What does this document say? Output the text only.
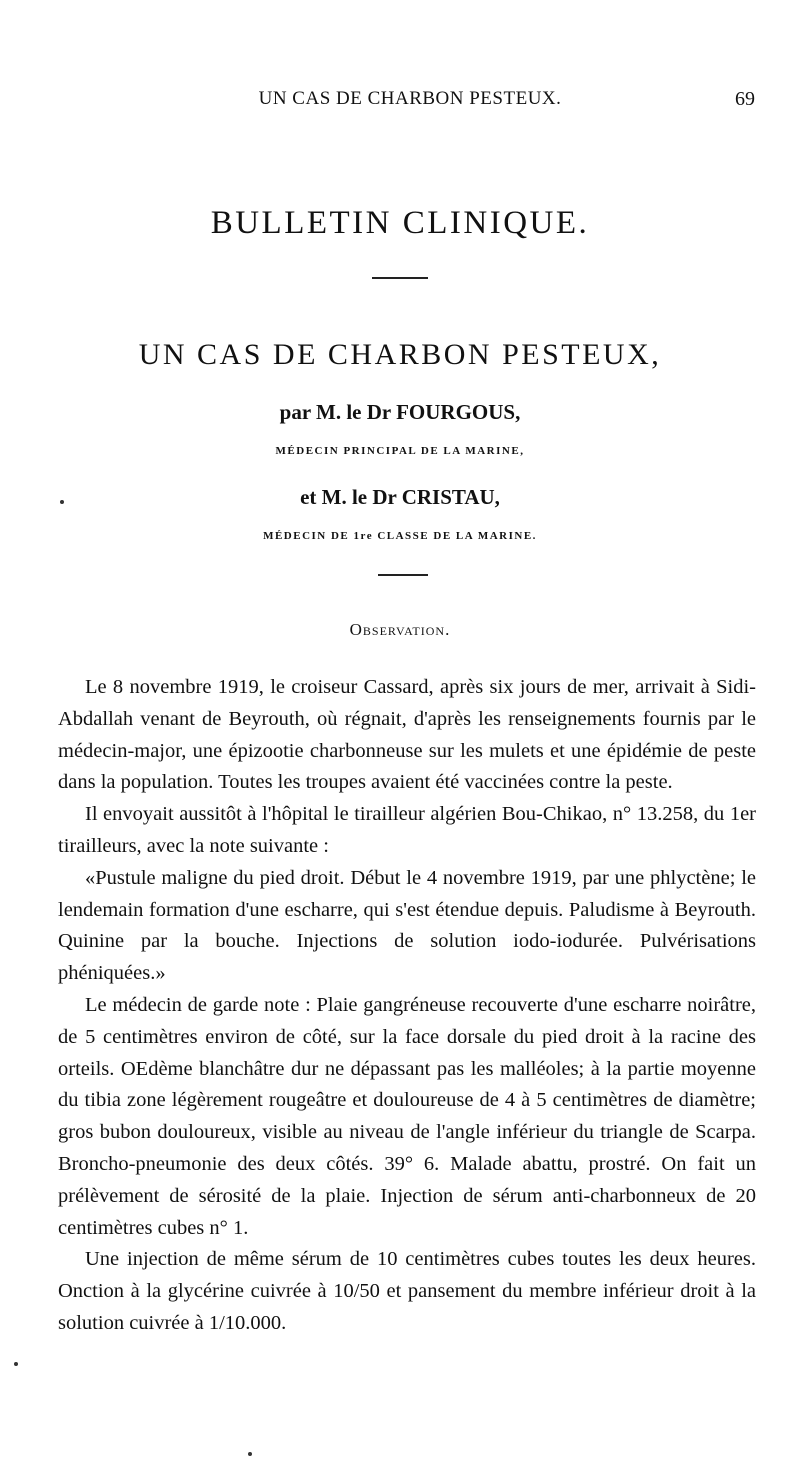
UN CAS DE CHARBON PESTEUX.	69
BULLETIN CLINIQUE.
UN CAS DE CHARBON PESTEUX,
par M. le Dr FOURGOUS,
MÉDECIN PRINCIPAL DE LA MARINE,
et M. le Dr CRISTAU,
MÉDECIN DE 1re CLASSE DE LA MARINE.
Observation.

Le 8 novembre 1919, le croiseur Cassard, après six jours de mer, arrivait à Sidi-Abdallah venant de Beyrouth, où régnait, d'après les renseignements fournis par le médecin-major, une épizootie charbonneuse sur les mulets et une épidémie de peste dans la population. Toutes les troupes avaient été vaccinées contre la peste.

Il envoyait aussitôt à l'hôpital le tirailleur algérien Bou-Chikao, n° 13.258, du 1er tirailleurs, avec la note suivante :

«Pustule maligne du pied droit. Début le 4 novembre 1919, par une phlyctène; le lendemain formation d'une escharre, qui s'est étendue depuis. Paludisme à Beyrouth. Quinine par la bouche. Injections de solution iodo-iodurée. Pulvérisations phéniquées.»

Le médecin de garde note : Plaie gangréneuse recouverte d'une escharre noirâtre, de 5 centimètres environ de côté, sur la face dorsale du pied droit à la racine des orteils. OEdème blanchâtre dur ne dépassant pas les malléoles; à la partie moyenne du tibia zone légèrement rougeâtre et douloureuse de 4 à 5 centimètres de diamètre; gros bubon douloureux, visible au niveau de l'angle inférieur du triangle de Scarpa. Broncho-pneumonie des deux côtés. 39° 6. Malade abattu, prostré. On fait un prélèvement de sérosité de la plaie. Injection de sérum anti-charbonneux de 20 centimètres cubes n° 1.

Une injection de même sérum de 10 centimètres cubes toutes les deux heures. Onction à la glycérine cuivrée à 10/50 et pansement du membre inférieur droit à la solution cuivrée à 1/10.000.
